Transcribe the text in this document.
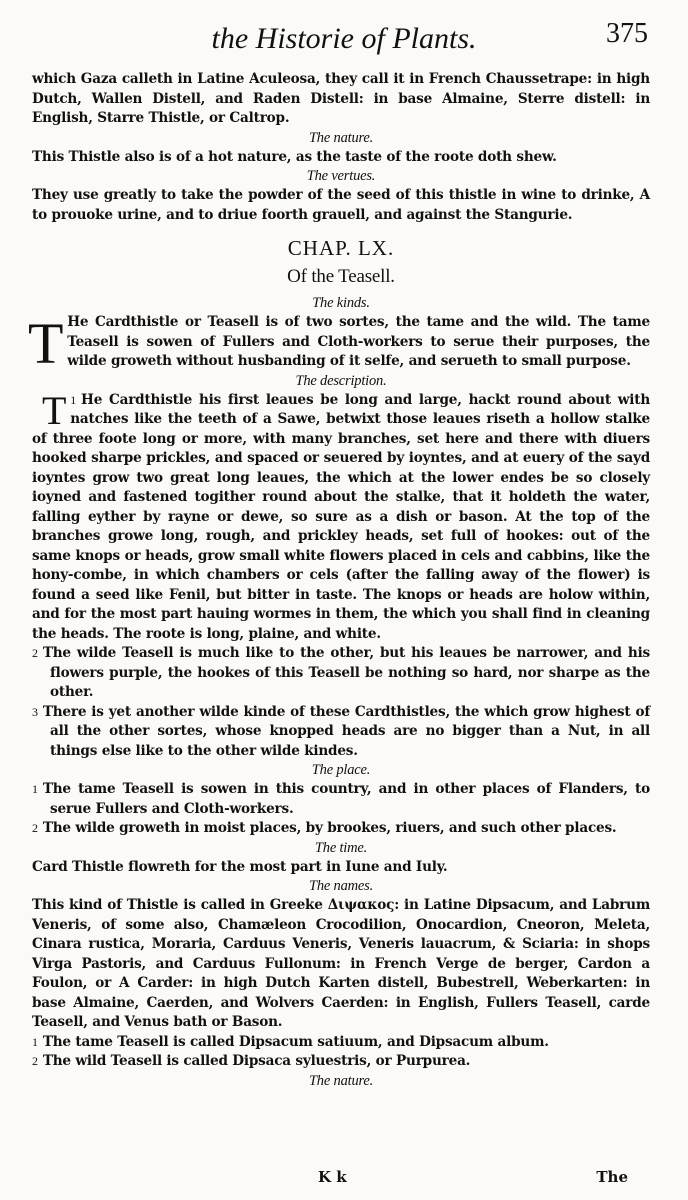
the Historie of Plants.	375

which Gaza calleth in Latine Aculeosa, they call it in French Chaussetrape: in high Dutch, Wallen Distell, and Raden Distell: in base Almaine, Sterre distell: in English, Starre Thistle, or Caltrop.

The nature.

This Thistle also is of a hot nature, as the taste of the roote doth shew.

The vertues.

They use greatly to take the powder of the seed of this thistle in wine to drinke, A to prouoke urine, and to driue foorth grauell, and against the Stangurie.

CHAP. LX.
Of the Teasell.

The kinds.

T He Cardthistle or Teasell is of two sortes, the tame and the wild. The tame Teasell is sowen of Fullers and Cloth-workers to serue their purposes, the wilde groweth without husbanding of it selfe, and serueth to small purpose.

The description.

1
T He Cardthistle his first leaues be long and large, hackt round about with natches like the teeth of a Sawe, betwixt those leaues riseth a hollow stalke of three foote long or more, with many branches, set here and there with diuers hooked sharpe prickles, and spaced or seuered by ioyntes, and at euery of the sayd ioyntes grow two great long leaues, the which at the lower endes be so closely ioyned and fastened togither round about the stalke, that it holdeth the water, falling eyther by rayne or dewe, so sure as a dish or bason. At the top of the branches growe long, rough, and prickley heads, set full of hookes: out of the same knops or heads, grow small white flowers placed in cels and cabbins, like the hony-combe, in which chambers or cels (after the falling away of the flower) is found a seed like Fenil, but bitter in taste. The knops or heads are holow within, and for the most part hauing wormes in them, the which you shall find in cleaning the heads. The roote is long, plaine, and white.

2 The wilde Teasell is much like to the other, but his leaues be narrower, and his flowers purple, the hookes of this Teasell be nothing so hard, nor sharpe as the other.

3 There is yet another wilde kinde of these Cardthistles, the which grow highest of all the other sortes, whose knopped heads are no bigger than a Nut, in all things else like to the other wilde kindes.

The place.

1 The tame Teasell is sowen in this country, and in other places of Flanders, to serue Fullers and Cloth-workers.

2 The wilde groweth in moist places, by brookes, riuers, and such other places.

The time.

Card Thistle flowreth for the most part in Iune and Iuly.

The names.

This kind of Thistle is called in Greeke Διψακος: in Latine Dipsacum, and Labrum Veneris, of some also, Chamæleon Crocodilion, Onocardion, Cneoron, Meleta, Cinara rustica, Moraria, Carduus Veneris, Veneris lauacrum, & Sciaria: in shops Virga Pastoris, and Carduus Fullonum: in French Verge de berger, Cardon a Foulon, or A Carder: in high Dutch Karten distell, Bubestrell, Weberkarten: in base Almaine, Caerden, and Wolvers Caerden: in English, Fullers Teasell, carde Teasell, and Venus bath or Bason.

1 The tame Teasell is called Dipsacum satiuum, and Dipsacum album.

2 The wild Teasell is called Dipsaca syluestris, or Purpurea.

The nature.

K k	The
